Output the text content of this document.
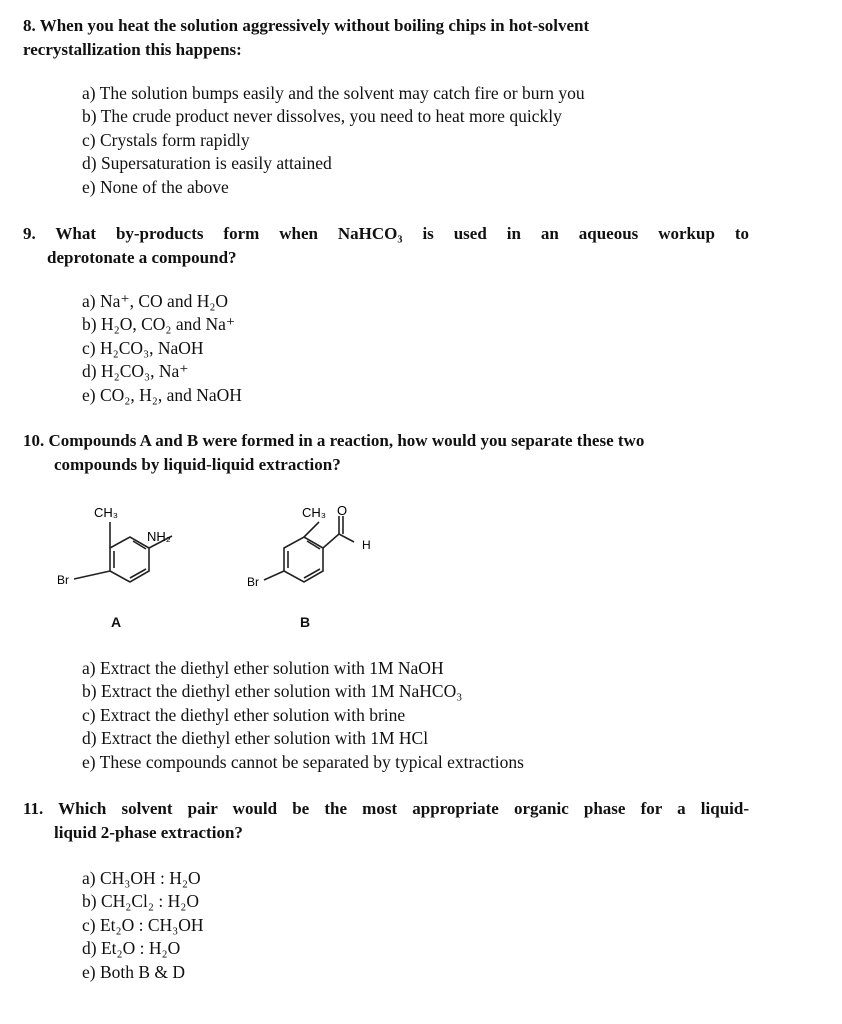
8. When you heat the solution aggressively without boiling chips in hot-solvent
recrystallization this happens:
a) The solution bumps easily and the solvent may catch fire or burn you
b) The crude product never dissolves, you need to heat more quickly
c) Crystals form rapidly
d) Supersaturation is easily attained
e) None of the above
9. What by-products form when NaHCO₃ is used in an aqueous workup to
deprotonate a compound?
a) Na⁺, CO and H₂O
b) H₂O, CO₂ and Na⁺
c) H₂CO₃, NaOH
d) H₂CO₃, Na⁺
e) CO₂, H₂, and NaOH
10. Compounds A and B were formed in a reaction, how would you separate these two
compounds by liquid-liquid extraction?
CH₃
NH₂
Br
A
CH₃ O
H
Br
B
a) Extract the diethyl ether solution with 1M NaOH
b) Extract the diethyl ether solution with 1M NaHCO₃
c) Extract the diethyl ether solution with brine
d) Extract the diethyl ether solution with 1M HCl
e) These compounds cannot be separated by typical extractions
11. Which solvent pair would be the most appropriate organic phase for a liquid-
liquid 2-phase extraction?
a) CH₃OH : H₂O
b) CH₂Cl₂ : H₂O
c) Et₂O : CH₃OH
d) Et₂O : H₂O
e) Both B & D
